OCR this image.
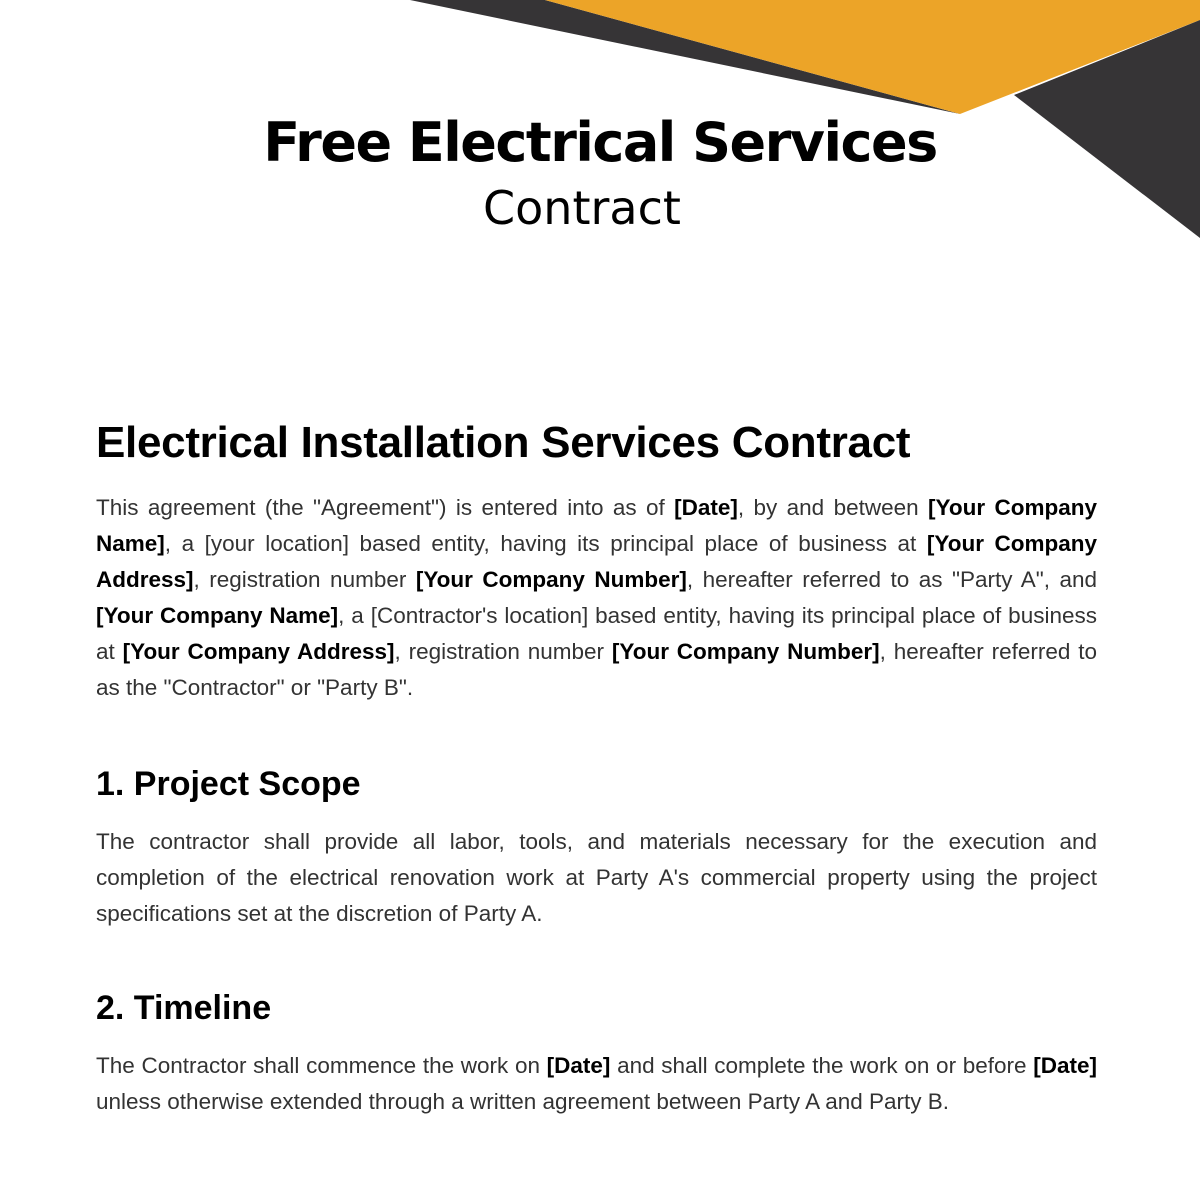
Free Electrical Services
Contract
Electrical Installation Services Contract

This agreement (the "Agreement") is entered into as of [Date], by and between [Your Company Name], a [your location] based entity, having its principal place of business at [Your Company Address], registration number [Your Company Number], hereafter referred to as "Party A", and [Your Company Name], a [Contractor's location] based entity, having its principal place of business at [Your Company Address], registration number [Your Company Number], hereafter referred to as the "Contractor" or "Party B".

1. Project Scope

The contractor shall provide all labor, tools, and materials necessary for the execution and completion of the electrical renovation work at Party A's commercial property using the project specifications set at the discretion of Party A.

2. Timeline

The Contractor shall commence the work on [Date] and shall complete the work on or before [Date] unless otherwise extended through a written agreement between Party A and Party B.
